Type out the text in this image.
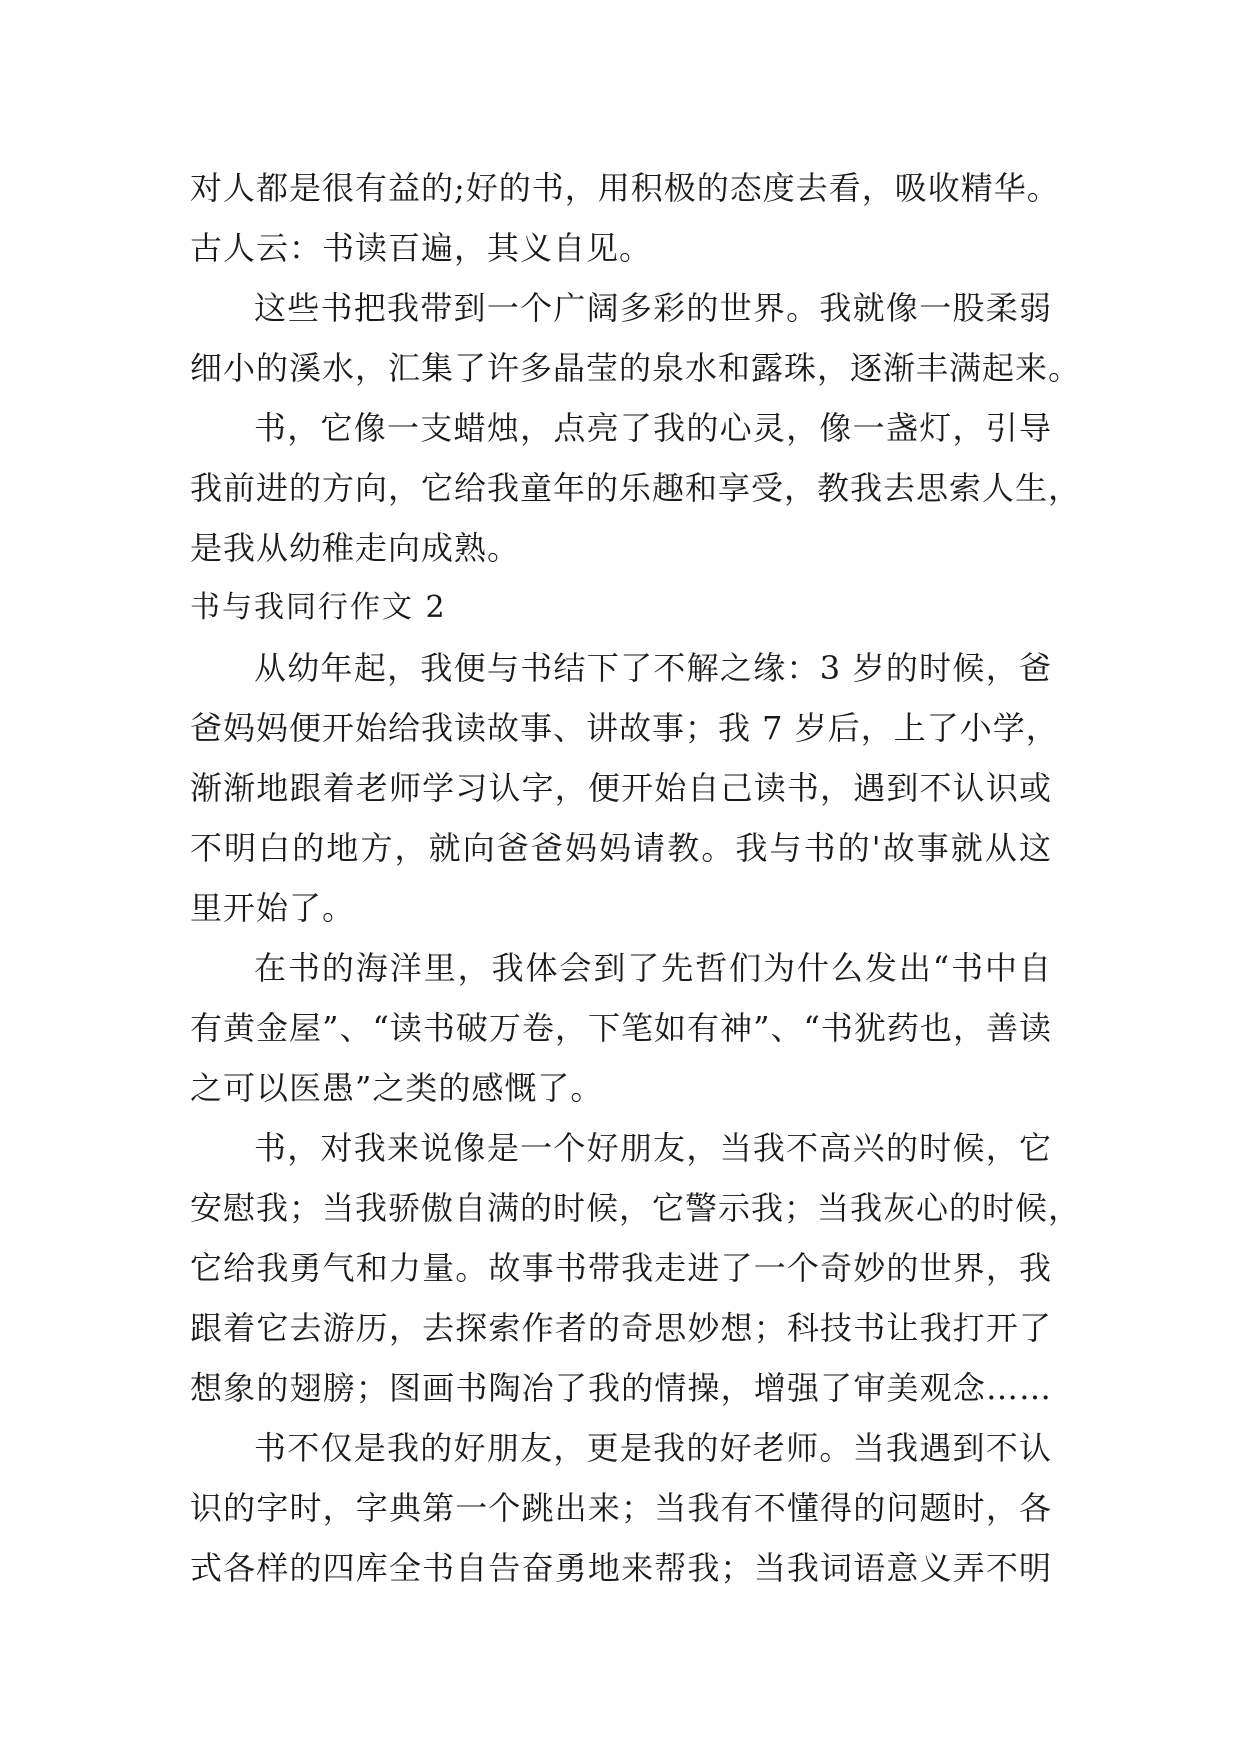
对人都是很有益的;好的书，用积极的态度去看，吸收精华。
古人云：书读百遍，其义自见。
这些书把我带到一个广阔多彩的世界。我就像一股柔弱
细小的溪水，汇集了许多晶莹的泉水和露珠，逐渐丰满起来。
书，它像一支蜡烛，点亮了我的心灵，像一盏灯，引导
我前进的方向，它给我童年的乐趣和享受，教我去思索人生，
是我从幼稚走向成熟。
书与我同行作文 2
从幼年起，我便与书结下了不解之缘：3 岁的时候，爸
爸妈妈便开始给我读故事、讲故事；我 7 岁后，上了小学，
渐渐地跟着老师学习认字，便开始自己读书，遇到不认识或
不明白的地方，就向爸爸妈妈请教。我与书的'故事就从这
里开始了。
在书的海洋里，我体会到了先哲们为什么发出“书中自
有黄金屋”、“读书破万卷，下笔如有神”、“书犹药也，善读
之可以医愚”之类的感慨了。
书，对我来说像是一个好朋友，当我不高兴的时候，它
安慰我；当我骄傲自满的时候，它警示我；当我灰心的时候，
它给我勇气和力量。故事书带我走进了一个奇妙的世界，我
跟着它去游历，去探索作者的奇思妙想；科技书让我打开了
想象的翅膀；图画书陶冶了我的情操，增强了审美观念……
书不仅是我的好朋友，更是我的好老师。当我遇到不认
识的字时，字典第一个跳出来；当我有不懂得的问题时，各
式各样的四库全书自告奋勇地来帮我；当我词语意义弄不明
